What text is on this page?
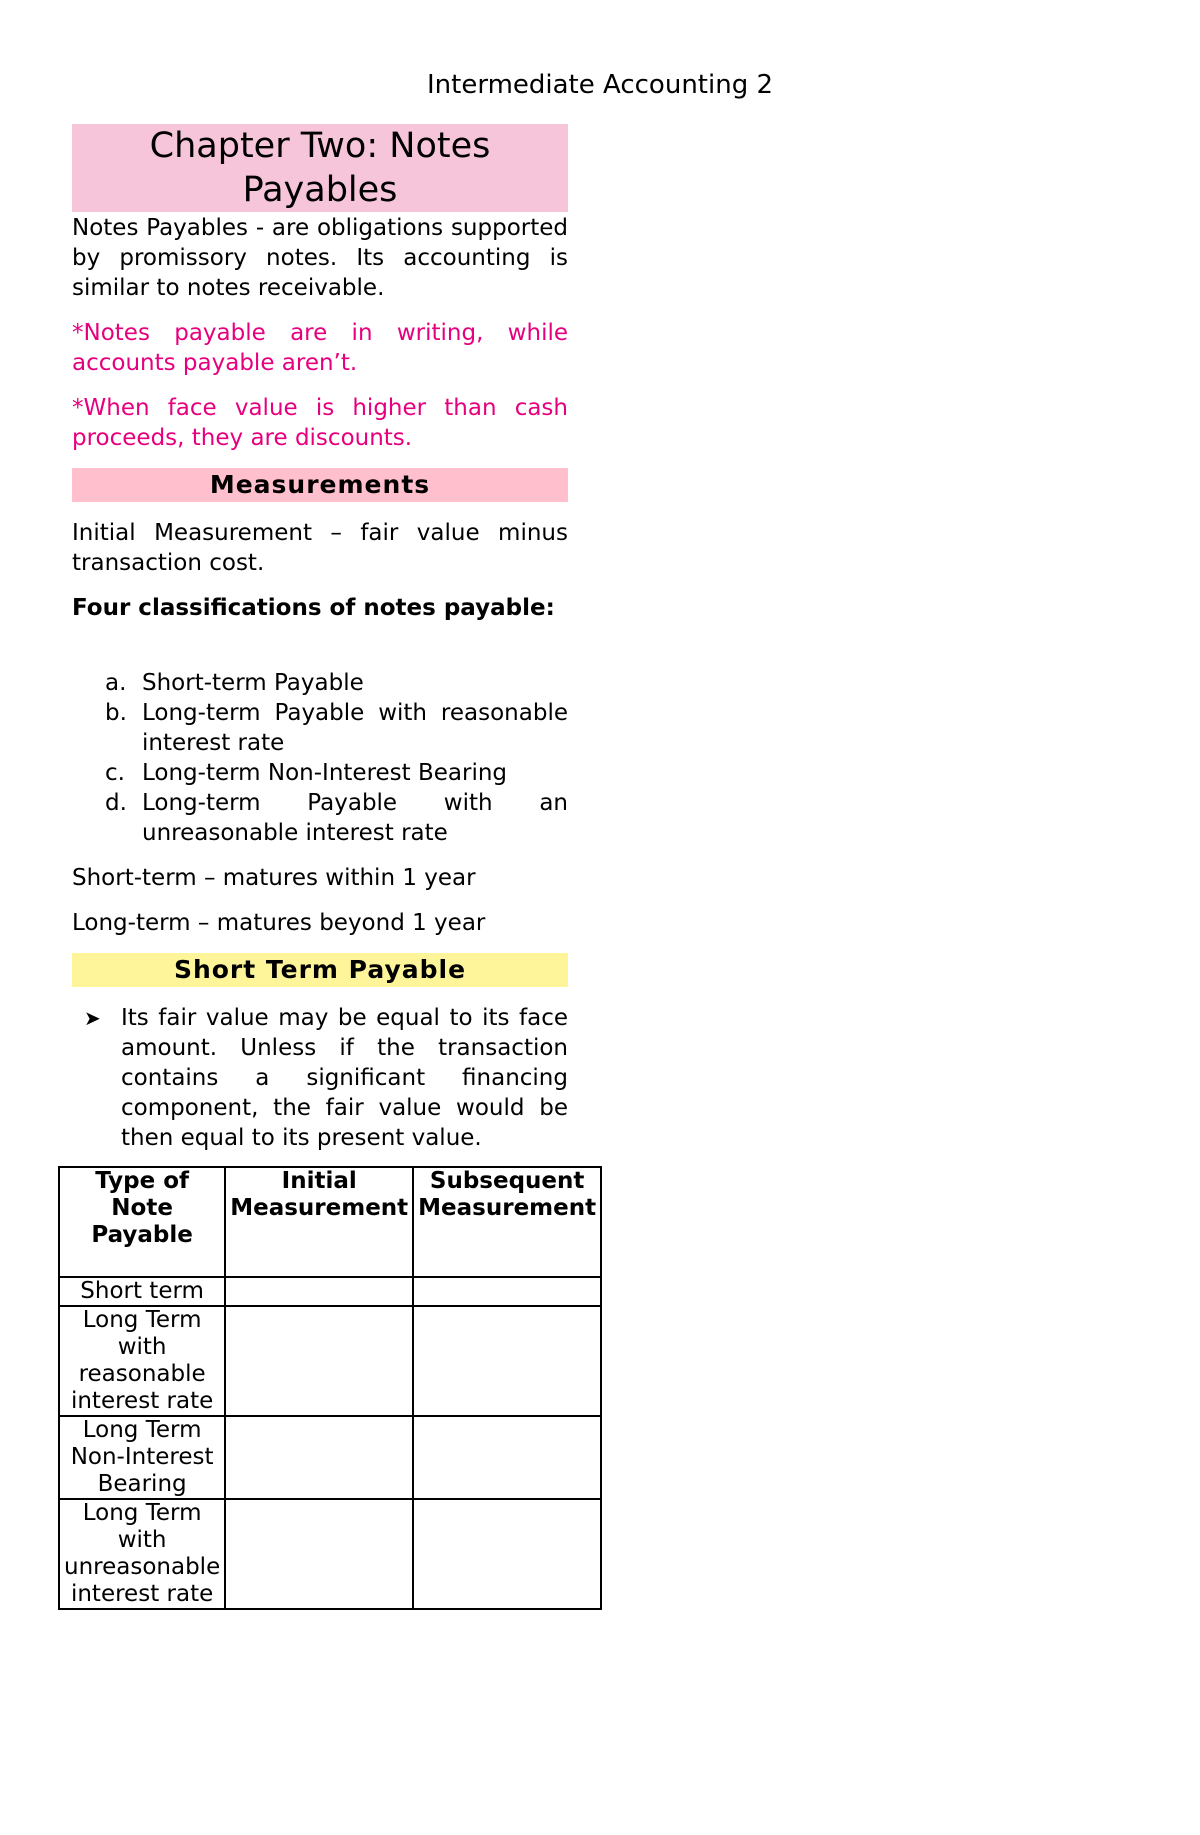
Intermediate Accounting 2
Chapter Two: Notes
Payables
Notes Payables - are obligations supported by promissory notes. Its accounting is similar to notes receivable.
*Notes payable are in writing, while accounts payable aren’t.
*When face value is higher than cash proceeds, they are discounts.
Measurements
Initial Measurement – fair value minus transaction cost.
Four classifications of notes payable:
a. Short-term Payable
b. Long-term Payable with reasonable interest rate
c. Long-term Non-Interest Bearing
d. Long-term Payable with an unreasonable interest rate
Short-term – matures within 1 year
Long-term – matures beyond 1 year
Short Term Payable
➤ Its fair value may be equal to its face amount. Unless if the transaction contains a significant financing component, the fair value would be then equal to its present value.
Type of Note Payable	Initial Measurement	Subsequent Measurement
Short term		
Long Term with reasonable interest rate		
Long Term Non-Interest Bearing		
Long Term with unreasonable interest rate		
